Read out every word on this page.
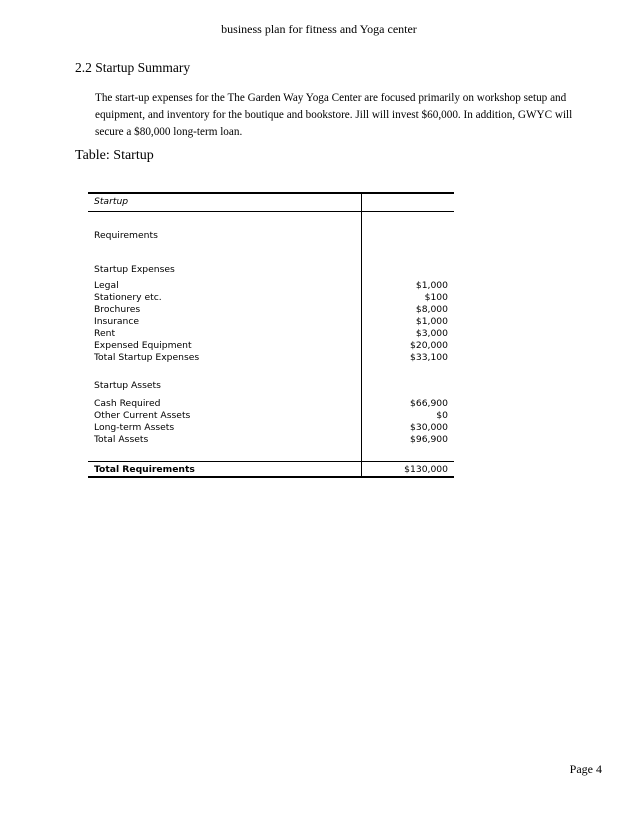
business plan for fitness and Yoga center
2.2 Startup Summary
The start-up expenses for the The Garden Way Yoga Center are focused primarily on workshop setup and equipment, and inventory for the boutique and bookstore. Jill will invest $60,000. In addition, GWYC will secure a $80,000 long-term loan.
Table: Startup
Startup
Requirements
Startup Expenses
Legal	$1,000
Stationery etc.	$100
Brochures	$8,000
Insurance	$1,000
Rent	$3,000
Expensed Equipment	$20,000
Total Startup Expenses	$33,100
Startup Assets
Cash Required	$66,900
Other Current Assets	$0
Long-term Assets	$30,000
Total Assets	$96,900
Total Requirements	$130,000
Page 4
